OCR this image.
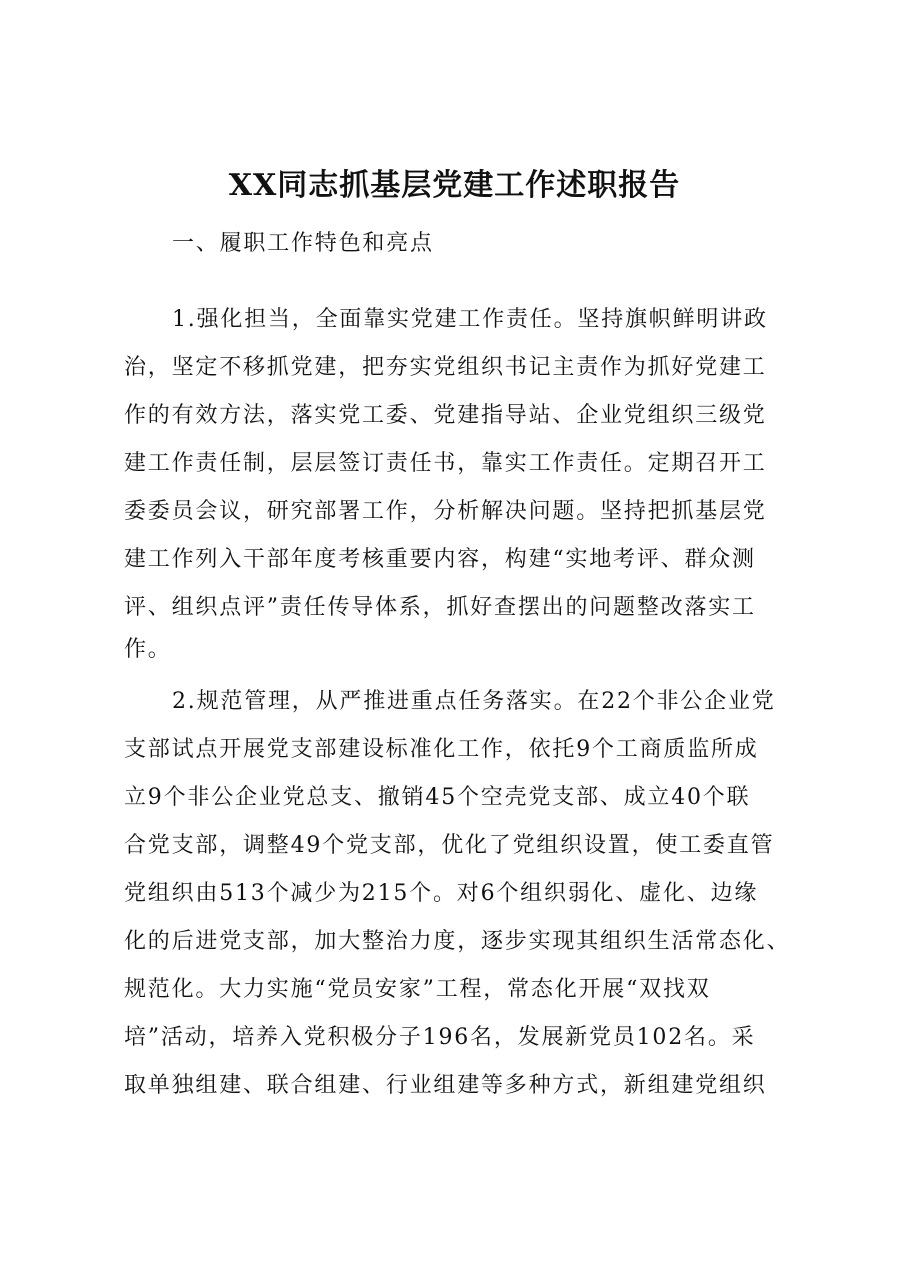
XX同志抓基层党建工作述职报告

一、履职工作特色和亮点

1.强化担当，全面靠实党建工作责任。坚持旗帜鲜明讲政

治，坚定不移抓党建，把夯实党组织书记主责作为抓好党建工

作的有效方法，落实党工委、党建指导站、企业党组织三级党

建工作责任制，层层签订责任书，靠实工作责任。定期召开工

委委员会议，研究部署工作，分析解决问题。坚持把抓基层党

建工作列入干部年度考核重要内容，构建“实地考评、群众测

评、组织点评”责任传导体系，抓好查摆出的问题整改落实工

作。

2.规范管理，从严推进重点任务落实。在22个非公企业党

支部试点开展党支部建设标准化工作，依托9个工商质监所成

立9个非公企业党总支、撤销45个空壳党支部、成立40个联

合党支部，调整49个党支部，优化了党组织设置，使工委直管

党组织由513个减少为215个。对6个组织弱化、虚化、边缘

化的后进党支部，加大整治力度，逐步实现其组织生活常态化、

规范化。大力实施“党员安家”工程，常态化开展“双找双

培”活动，培养入党积极分子196名，发展新党员102名。采

取单独组建、联合组建、行业组建等多种方式，新组建党组织
